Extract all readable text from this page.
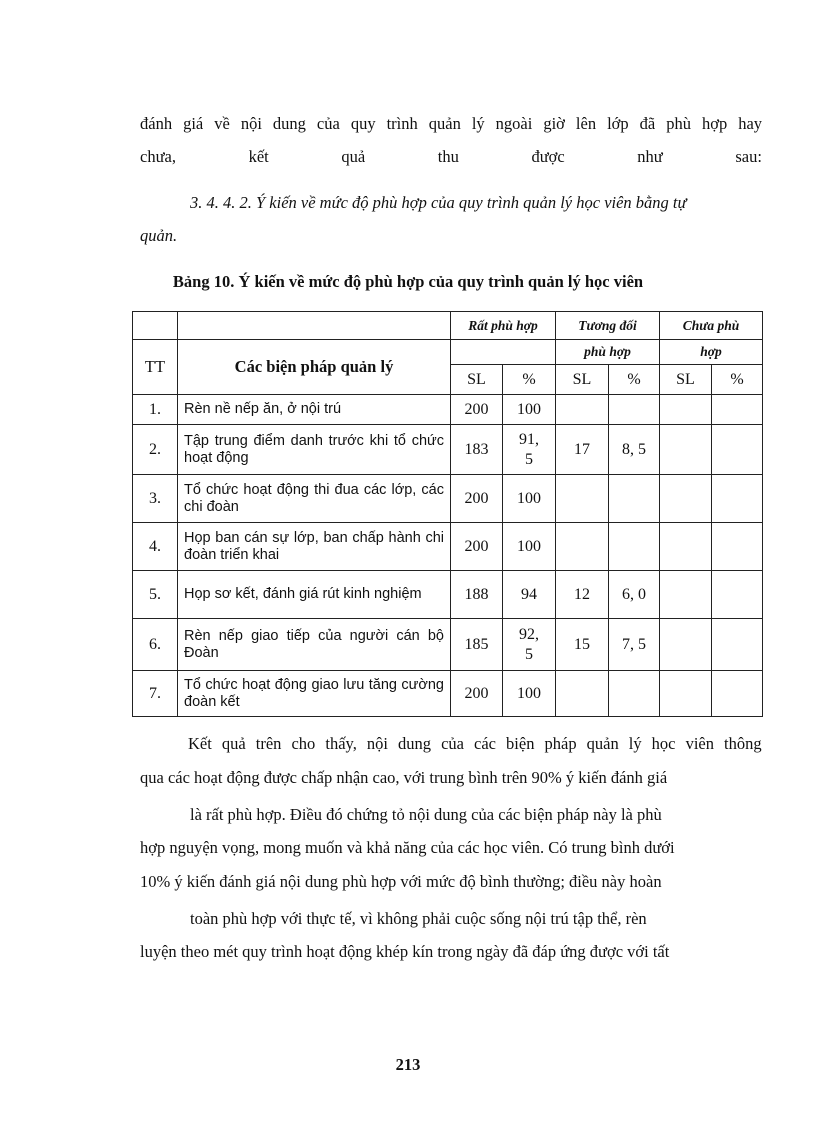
đánh giá về nội dung của quy trình quản lý ngoài giờ lên lớp đã phù hợp hay
chưa,	kết	quả	thu	được	như	sau:
3. 4. 4. 2. Ý kiến về mức độ phù hợp của quy trình quản lý học viên bằng tự
quản.
Bảng 10. Ý kiến về mức độ phù hợp của quy trình quản lý học viên
		Rất phù hợp		Tương đối		Chưa phù	
TT	Các biện pháp quản lý			phù hợp		hợp	
		SL	%	SL	%	SL	%
1.	Rèn nề nếp ăn, ở nội trú	200	100				
2.	Tập trung điểm danh trước khi tổ chức hoạt động	183	91, 5	17	8, 5		
3.	Tổ chức hoạt động thi đua các lớp, các chi đoàn	200	100				
4.	Họp ban cán sự lớp, ban chấp hành chi đoàn triển khai	200	100				
5.	Họp sơ kết, đánh giá rút kinh nghiệm	188	94	12	6, 0		
6.	Rèn nếp giao tiếp của người cán bộ Đoàn	185	92, 5	15	7, 5		
7.	Tổ chức hoạt động giao lưu tăng cường đoàn kết	200	100				
Kết quả trên cho thấy, nội dung của các biện pháp quản lý học viên thông
qua các hoạt động được chấp nhận cao, với trung bình trên 90% ý kiến đánh giá
là rất phù hợp. Điều đó chứng tỏ nội dung của các biện pháp này là phù
hợp nguyện vọng, mong muốn và khả năng của các học viên. Có trung bình dưới
10% ý kiến đánh giá nội dung phù hợp với mức độ bình thường; điều này hoàn
toàn phù hợp với thực tế, vì không phải cuộc sống nội trú tập thể, rèn
luyện theo mét quy trình hoạt động khép kín trong ngày đã đáp ứng được với tất
213
